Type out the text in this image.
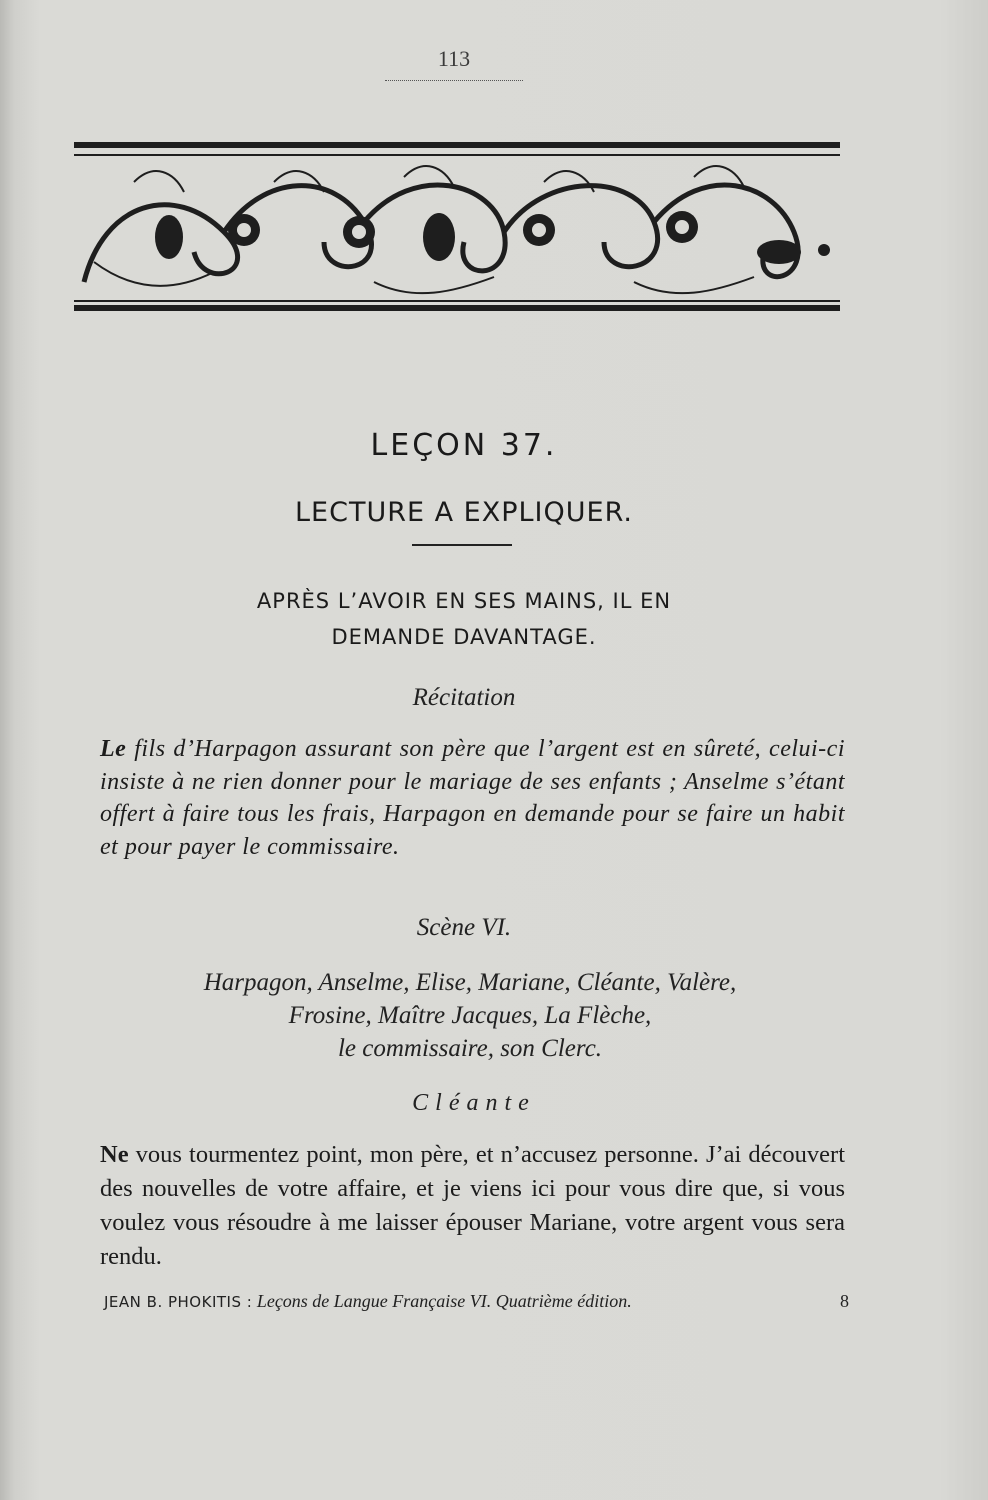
113
LEÇON 37.
LECTURE A EXPLIQUER.
APRÈS L’AVOIR EN SES MAINS, IL EN
DEMANDE DAVANTAGE.
Récitation
Le fils d’Harpagon assurant son père que l’argent est en sûreté, celui-ci insiste à ne rien donner pour le mariage de ses enfants ; Anselme s’étant offert à faire tous les frais, Harpagon en demande pour se faire un habit et pour payer le commissaire.
Scène VI.
Harpagon, Anselme, Elise, Mariane, Cléante, Valère,
Frosine, Maître Jacques, La Flèche,
le commissaire, son Clerc.
Cléante
Ne vous tourmentez point, mon père, et n’accusez personne. J’ai découvert des nouvelles de votre affaire, et je viens ici pour vous dire que, si vous voulez vous résoudre à me laisser épouser Mariane, votre argent vous sera rendu.
JEAN B. PHOKITIS : Leçons de Langue Française VI. Quatrième édition.	8
